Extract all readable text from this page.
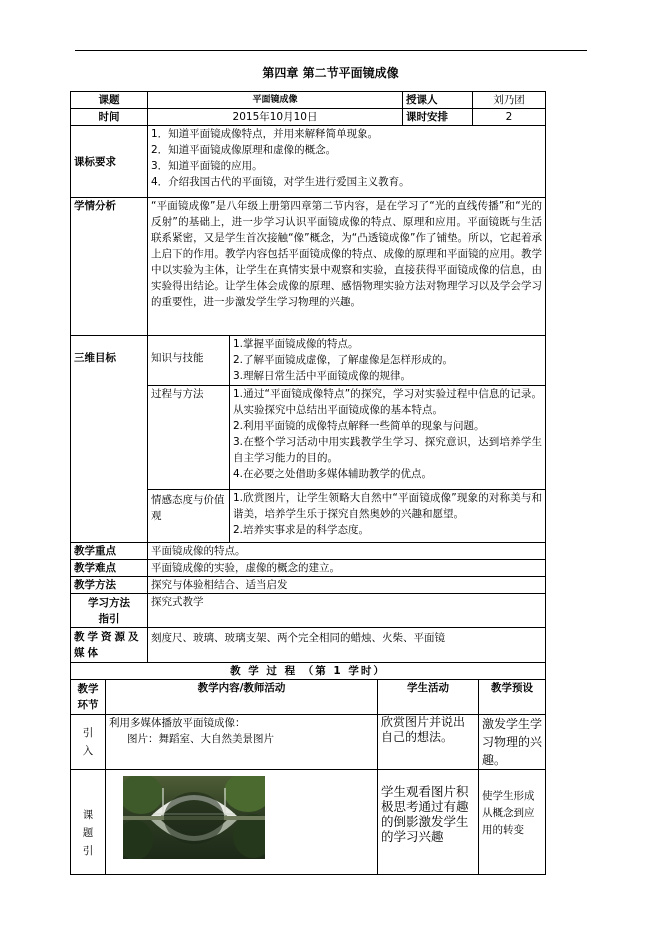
第四章 第二节平面镜成像
课题	平面镜成像		授课人	刘乃团
时间	2015年10月10日		课时安排	2
课标要求	1．知道平面镜成像特点，并用来解释简单现象。
2．知道平面镜成像原理和虚像的概念。
3．知道平面镜的应用。
4．介绍我国古代的平面镜，对学生进行爱国主义教育。			

学情分析	“平面镜成像”是八年级上册第四章第二节内容，是在学习了“光的直线传播”和“光的反射”的基础上，进一步学习认识平面镜成像的特点、原理和应用。平面镜既与生活联系紧密，又是学生首次接触“像”概念，为“凸透镜成像”作了铺垫。所以，它起着承上启下的作用。教学内容包括平面镜成像的特点、成像的原理和平面镜的应用。教学中以实验为主体，让学生在真情实景中观察和实验，直接获得平面镜成像的信息，由实验得出结论。让学生体会成像的原理、感悟物理实验方法对物理学习以及学会学习的重要性，进一步激发学生学习物理的兴趣。			
三维目标	知识与技能	1.掌握平面镜成像的特点。
2.了解平面镜成虚像，了解虚像是怎样形成的。
3.理解日常生活中平面镜成像的规律。		

	过程与方法	1.通过“平面镜成像特点”的探究，学习对实验过程中信息的记录。从实验探究中总结出平面镜成像的基本特点。
2.利用平面镜的成像特点解释一些简单的现象与问题。
3.在整个学习活动中用实践教学生学习、探究意识，达到培养学生自主学习能力的目的。
4.在必要之处借助多媒体辅助教学的优点。		

	情感态度与价值观	1.欣赏图片，让学生领略大自然中“平面镜成像”现象的对称美与和谐美，培养学生乐于探究自然奥妙的兴趣和愿望。
2.培养实事求是的科学态度。		

教学重点	平面镜成像的特点。			
教学难点	平面镜成像的实验，虚像的概念的建立。			
教学方法	探究与体验相结合、适当启发			
学习方法指引	探究式教学			
教学资源及媒体	刻度尺、玻璃、玻璃支架、两个完全相同的蜡烛、火柴、平面镜			
教 学 过 程 （第 1 学时）			
教学环节	教学内容/教师活动	学生活动	教学预设
引入	利用多媒体播放平面镜成像：
图片：舞蹈室、大自然美景图片	欣赏图片并说出自己的想法。	激发学生学习物理的兴趣。
课题引		学生观看图片积极思考通过有趣的倒影激发学生的学习兴趣	使学生形成从概念到应用的转变
